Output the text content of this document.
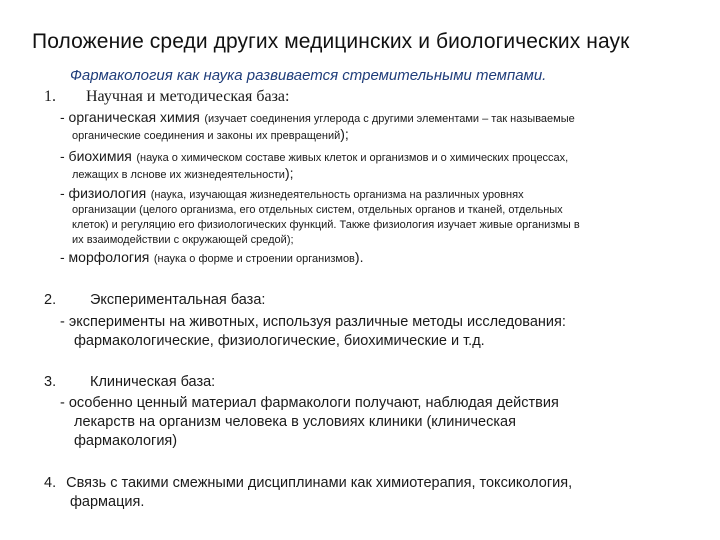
Положение среди других медицинских и биологических наук
Фармакология как наука развивается стремительными темпами.
1. Научная и методическая база:
- органическая химия (изучает соединения углерода с другими элементами – так называемые
органические соединения и законы их превращений);
- биохимия (наука о химическом составе живых клеток и организмов и о химических процессах,
лежащих в лснове их жизнедеятельности);
- физиология (наука, изучающая жизнедеятельность организма на различных уровнях
организации (целого организма, его отдельных систем, отдельных органов и тканей, отдельных
клеток) и регуляцию его физиологических функций. Также физиология изучает живые организмы в
их взаимодействии с окружающей средой);
- морфология (наука о форме и строении организмов).
2. Экспериментальная база:
- эксперименты на животных, используя различные методы исследования:
фармакологические, физиологические, биохимические и т.д.
3. Клиническая база:
- особенно ценный материал фармакологи получают, наблюдая действия
лекарств на организм человека в условиях клиники (клиническая
фармакология)
4. Связь с такими смежными дисциплинами как химиотерапия, токсикология,
фармация.
